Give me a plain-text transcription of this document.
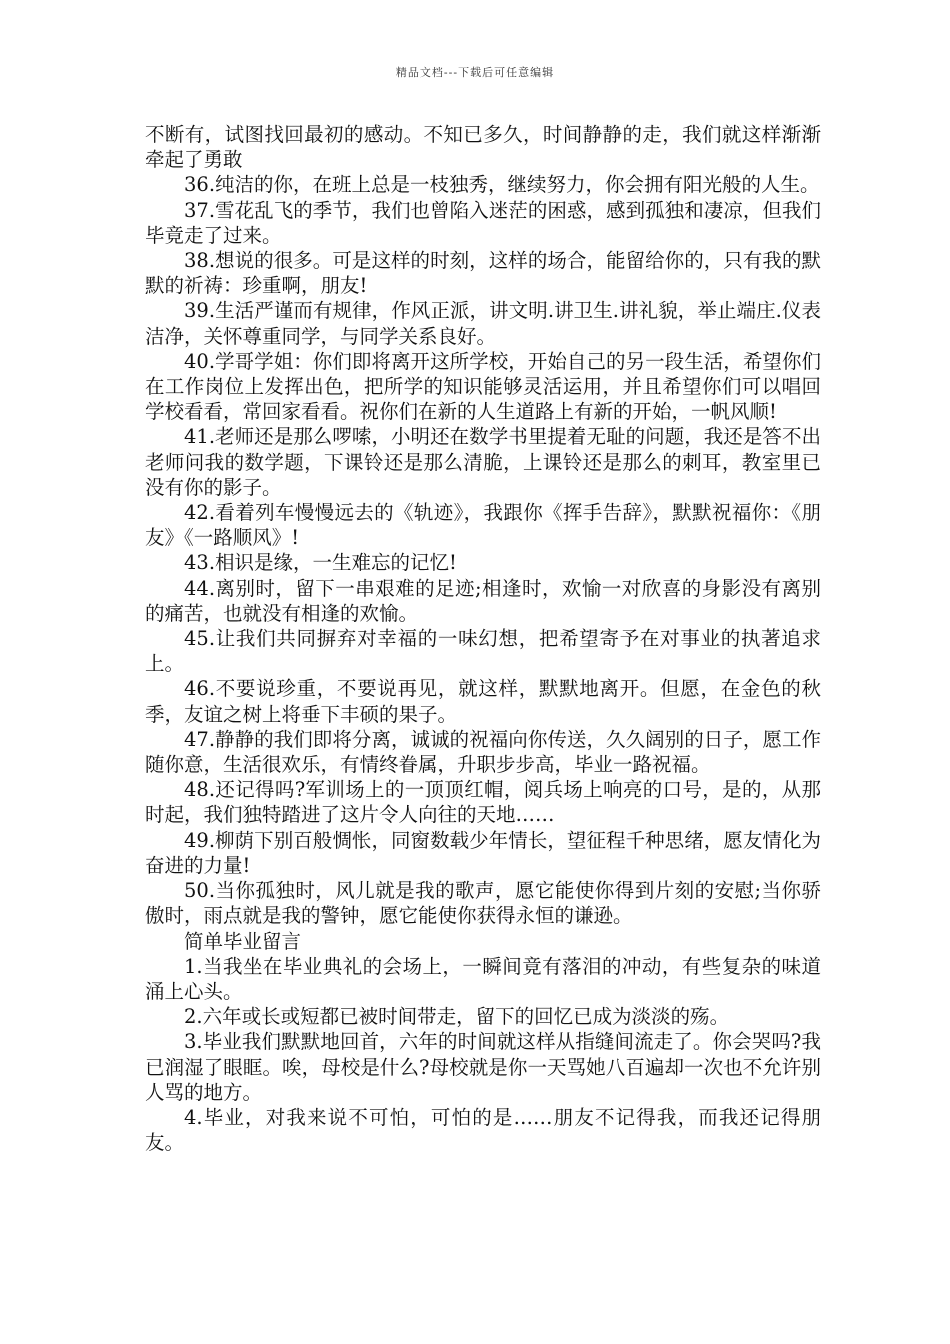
精品文档---下载后可任意编辑

不断有，试图找回最初的感动。不知已多久，时间静静的走，我们就这样渐渐牵起了勇敢

36.纯洁的你，在班上总是一枝独秀，继续努力，你会拥有阳光般的人生。

37.雪花乱飞的季节，我们也曾陷入迷茫的困惑，感到孤独和凄凉，但我们毕竟走了过来。

38.想说的很多。可是这样的时刻，这样的场合，能留给你的，只有我的默默的祈祷：珍重啊，朋友!

39.生活严谨而有规律，作风正派，讲文明.讲卫生.讲礼貌，举止端庄.仪表洁净，关怀尊重同学，与同学关系良好。

40.学哥学姐：你们即将离开这所学校，开始自己的另一段生活，希望你们在工作岗位上发挥出色，把所学的知识能够灵活运用，并且希望你们可以唱回学校看看，常回家看看。祝你们在新的人生道路上有新的开始，一帆风顺!

41.老师还是那么啰嗦，小明还在数学书里提着无耻的问题，我还是答不出老师问我的数学题，下课铃还是那么清脆，上课铃还是那么的刺耳，教室里已没有你的影子。

42.看着列车慢慢远去的《轨迹》，我跟你《挥手告辞》，默默祝福你：《朋友》《一路顺风》!

43.相识是缘，一生难忘的记忆!

44.离别时，留下一串艰难的足迹;相逢时，欢愉一对欣喜的身影没有离别的痛苦，也就没有相逢的欢愉。

45.让我们共同摒弃对幸福的一味幻想，把希望寄予在对事业的执著追求上。

46.不要说珍重，不要说再见，就这样，默默地离开。但愿，在金色的秋季，友谊之树上将垂下丰硕的果子。

47.静静的我们即将分离，诚诚的祝福向你传送，久久阔别的日子，愿工作随你意，生活很欢乐，有情终眷属，升职步步高，毕业一路祝福。

48.还记得吗?军训场上的一顶顶红帽，阅兵场上响亮的口号，是的，从那时起，我们独特踏进了这片令人向往的天地……

49.柳荫下别百般惆怅，同窗数载少年情长，望征程千种思绪，愿友情化为奋进的力量!

50.当你孤独时，风儿就是我的歌声，愿它能使你得到片刻的安慰;当你骄傲时，雨点就是我的警钟，愿它能使你获得永恒的谦逊。

简单毕业留言

1.当我坐在毕业典礼的会场上，一瞬间竟有落泪的冲动，有些复杂的味道涌上心头。

2.六年或长或短都已被时间带走，留下的回忆已成为淡淡的殇。

3.毕业我们默默地回首，六年的时间就这样从指缝间流走了。你会哭吗?我已润湿了眼眶。唉，母校是什么?母校就是你一天骂她八百遍却一次也不允许别人骂的地方。

4.毕业，对我来说不可怕，可怕的是……朋友不记得我，而我还记得朋友。
